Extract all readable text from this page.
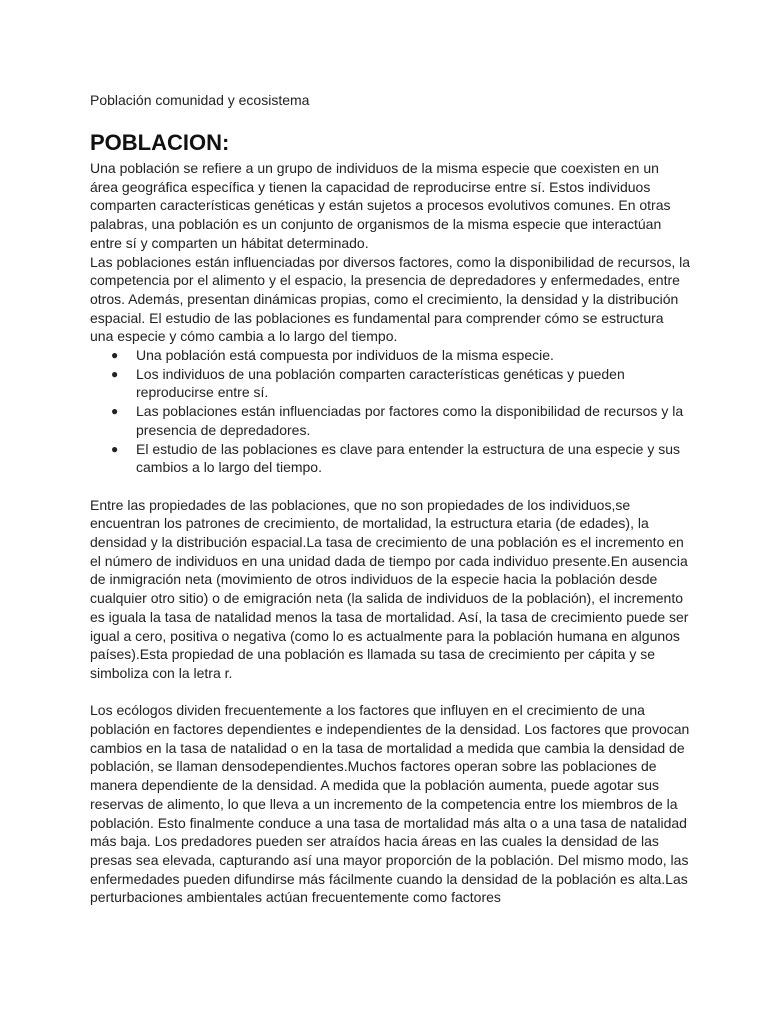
Población comunidad y ecosistema

POBLACION:

Una población se refiere a un grupo de individuos de la misma especie que coexisten en un área geográfica específica y tienen la capacidad de reproducirse entre sí. Estos individuos comparten características genéticas y están sujetos a procesos evolutivos comunes. En otras palabras, una población es un conjunto de organismos de la misma especie que interactúan entre sí y comparten un hábitat determinado.

Las poblaciones están influenciadas por diversos factores, como la disponibilidad de recursos, la competencia por el alimento y el espacio, la presencia de depredadores y enfermedades, entre otros. Además, presentan dinámicas propias, como el crecimiento, la densidad y la distribución espacial. El estudio de las poblaciones es fundamental para comprender cómo se estructura una especie y cómo cambia a lo largo del tiempo.

● Una población está compuesta por individuos de la misma especie.
● Los individuos de una población comparten características genéticas y pueden reproducirse entre sí.
● Las poblaciones están influenciadas por factores como la disponibilidad de recursos y la presencia de depredadores.
● El estudio de las poblaciones es clave para entender la estructura de una especie y sus cambios a lo largo del tiempo.

Entre las propiedades de las poblaciones, que no son propiedades de los individuos,se encuentran los patrones de crecimiento, de mortalidad, la estructura etaria (de edades), la densidad y la distribución espacial.La tasa de crecimiento de una población es el incremento en el número de individuos en una unidad dada de tiempo por cada individuo presente.En ausencia de inmigración neta (movimiento de otros individuos de la especie hacia la población desde cualquier otro sitio) o de emigración neta (la salida de individuos de la población), el incremento es iguala la tasa de natalidad menos la tasa de mortalidad. Así, la tasa de crecimiento puede ser igual a cero, positiva o negativa (como lo es actualmente para la población humana en algunos países).Esta propiedad de una población es llamada su tasa de crecimiento per cápita y se simboliza con la letra r.

Los ecólogos dividen frecuentemente a los factores que influyen en el crecimiento de una población en factores dependientes e independientes de la densidad. Los factores que provocan cambios en la tasa de natalidad o en la tasa de mortalidad a medida que cambia la densidad de población, se llaman densodependientes.Muchos factores operan sobre las poblaciones de manera dependiente de la densidad. A medida que la población aumenta, puede agotar sus reservas de alimento, lo que lleva a un incremento de la competencia entre los miembros de la población. Esto finalmente conduce a una tasa de mortalidad más alta o a una tasa de natalidad más baja. Los predadores pueden ser atraídos hacia áreas en las cuales la densidad de las presas sea elevada, capturando así una mayor proporción de la población. Del mismo modo, las enfermedades pueden difundirse más fácilmente cuando la densidad de la población es alta.Las perturbaciones ambientales actúan frecuentemente como factores
